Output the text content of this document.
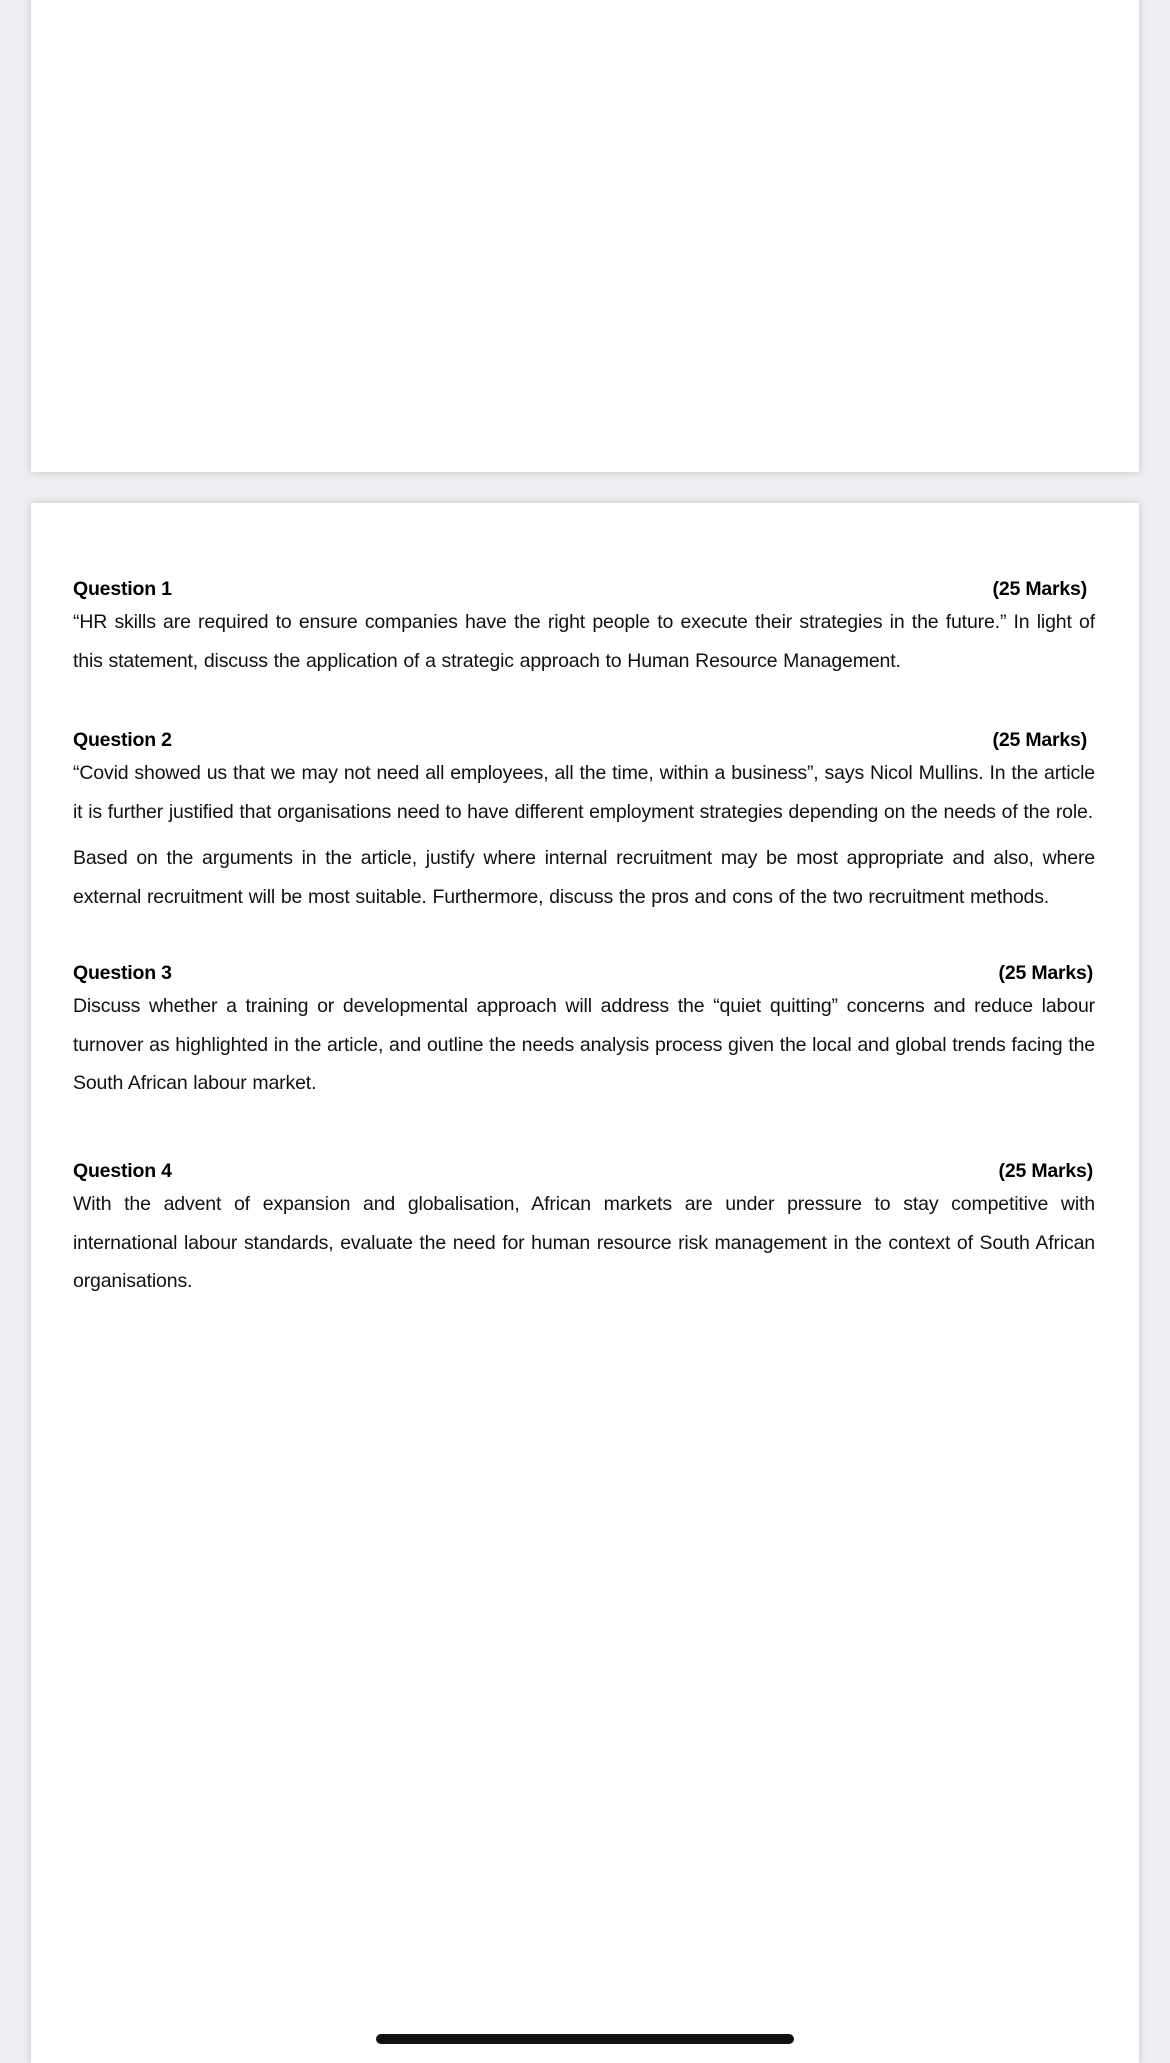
Question 1	(25 Marks)

“HR skills are required to ensure companies have the right people to execute their strategies in the future.” In light of this statement, discuss the application of a strategic approach to Human Resource Management.

Question 2	(25 Marks)

“Covid showed us that we may not need all employees, all the time, within a business”, says Nicol Mullins. In the article it is further justified that organisations need to have different employment strategies depending on the needs of the role.

Based on the arguments in the article, justify where internal recruitment may be most appropriate and also, where external recruitment will be most suitable. Furthermore, discuss the pros and cons of the two recruitment methods.

Question 3	(25 Marks)

Discuss whether a training or developmental approach will address the “quiet quitting” concerns and reduce labour turnover as highlighted in the article, and outline the needs analysis process given the local and global trends facing the South African labour market.

Question 4	(25 Marks)

With the advent of expansion and globalisation, African markets are under pressure to stay competitive with international labour standards, evaluate the need for human resource risk management in the context of South African organisations.
